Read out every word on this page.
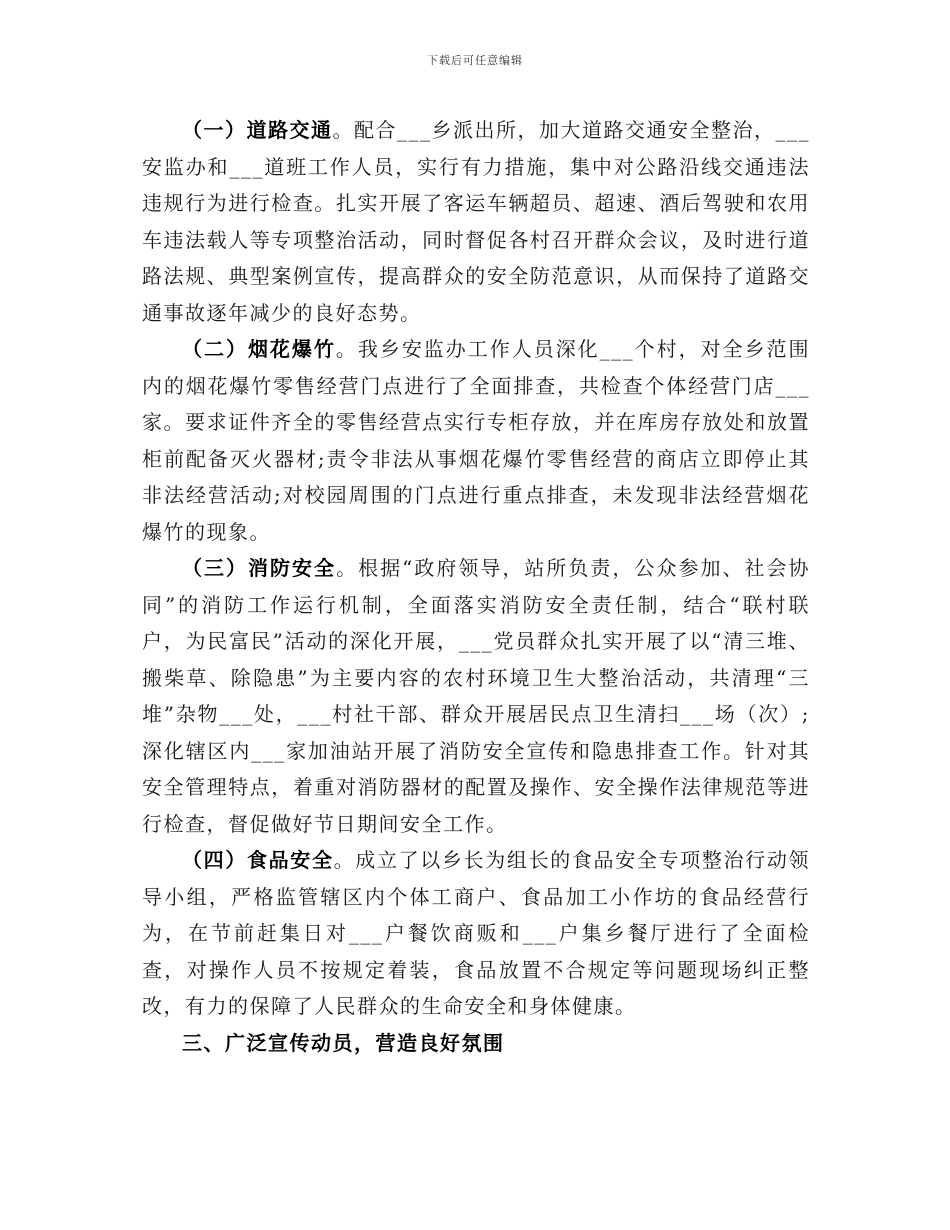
下载后可任意编辑

（一）道路交通。配合___乡派出所，加大道路交通安全整治，___安监办和___道班工作人员，实行有力措施，集中对公路沿线交通违法违规行为进行检查。扎实开展了客运车辆超员、超速、酒后驾驶和农用车违法载人等专项整治活动，同时督促各村召开群众会议，及时进行道路法规、典型案例宣传，提高群众的安全防范意识，从而保持了道路交通事故逐年减少的良好态势。

（二）烟花爆竹。我乡安监办工作人员深化___个村，对全乡范围内的烟花爆竹零售经营门点进行了全面排查，共检查个体经营门店___家。要求证件齐全的零售经营点实行专柜存放，并在库房存放处和放置柜前配备灭火器材;责令非法从事烟花爆竹零售经营的商店立即停止其非法经营活动;对校园周围的门点进行重点排查，未发现非法经营烟花爆竹的现象。

（三）消防安全。根据“政府领导，站所负责，公众参加、社会协同”的消防工作运行机制，全面落实消防安全责任制，结合“联村联户，为民富民”活动的深化开展，___党员群众扎实开展了以“清三堆、搬柴草、除隐患”为主要内容的农村环境卫生大整治活动，共清理“三堆”杂物___处，___村社干部、群众开展居民点卫生清扫___场（次）;深化辖区内___家加油站开展了消防安全宣传和隐患排查工作。针对其安全管理特点，着重对消防器材的配置及操作、安全操作法律规范等进行检查，督促做好节日期间安全工作。

（四）食品安全。成立了以乡长为组长的食品安全专项整治行动领导小组，严格监管辖区内个体工商户、食品加工小作坊的食品经营行为，在节前赶集日对___户餐饮商贩和___户集乡餐厅进行了全面检查，对操作人员不按规定着装，食品放置不合规定等问题现场纠正整改，有力的保障了人民群众的生命安全和身体健康。

三、广泛宣传动员，营造良好氛围
